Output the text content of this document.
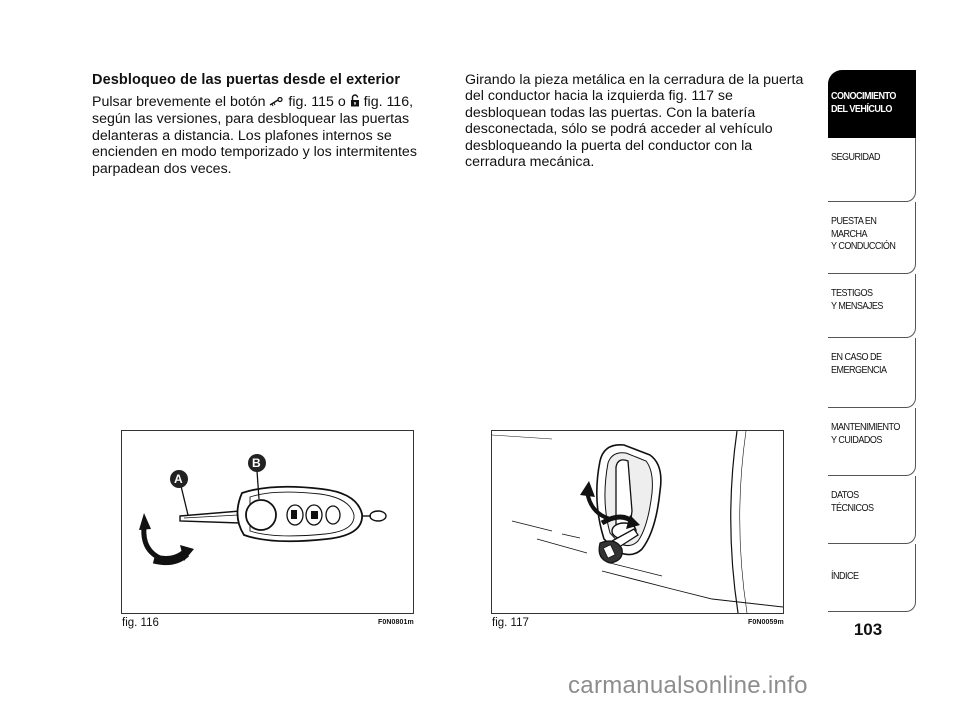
Desbloqueo de las puertas desde el exterior

Pulsar brevemente el botón  fig. 115 o  fig. 116, según las versiones, para desbloquear las puertas delanteras a distancia. Los plafones internos se encienden en modo temporizado y los intermitentes parpadean dos veces.

Girando la pieza metálica en la cerradura de la puerta del conductor hacia la izquierda fig. 117 se desbloquean todas las puertas. Con la batería desconectada, sólo se podrá acceder al vehículo desbloqueando la puerta del conductor con la cerradura mecánica.

A
B
fig. 116	F0N0801m	fig. 117	F0N0059m
CONOCIMIENTO
DEL VEHÍCULO
SEGURIDAD
PUESTA EN
MARCHA
Y CONDUCCIÓN
TESTIGOS
Y MENSAJES
EN CASO DE
EMERGENCIA
MANTENIMIENTO
Y CUIDADOS
DATOS
TÉCNICOS
ÍNDICE
103
carmanualsonline.info
